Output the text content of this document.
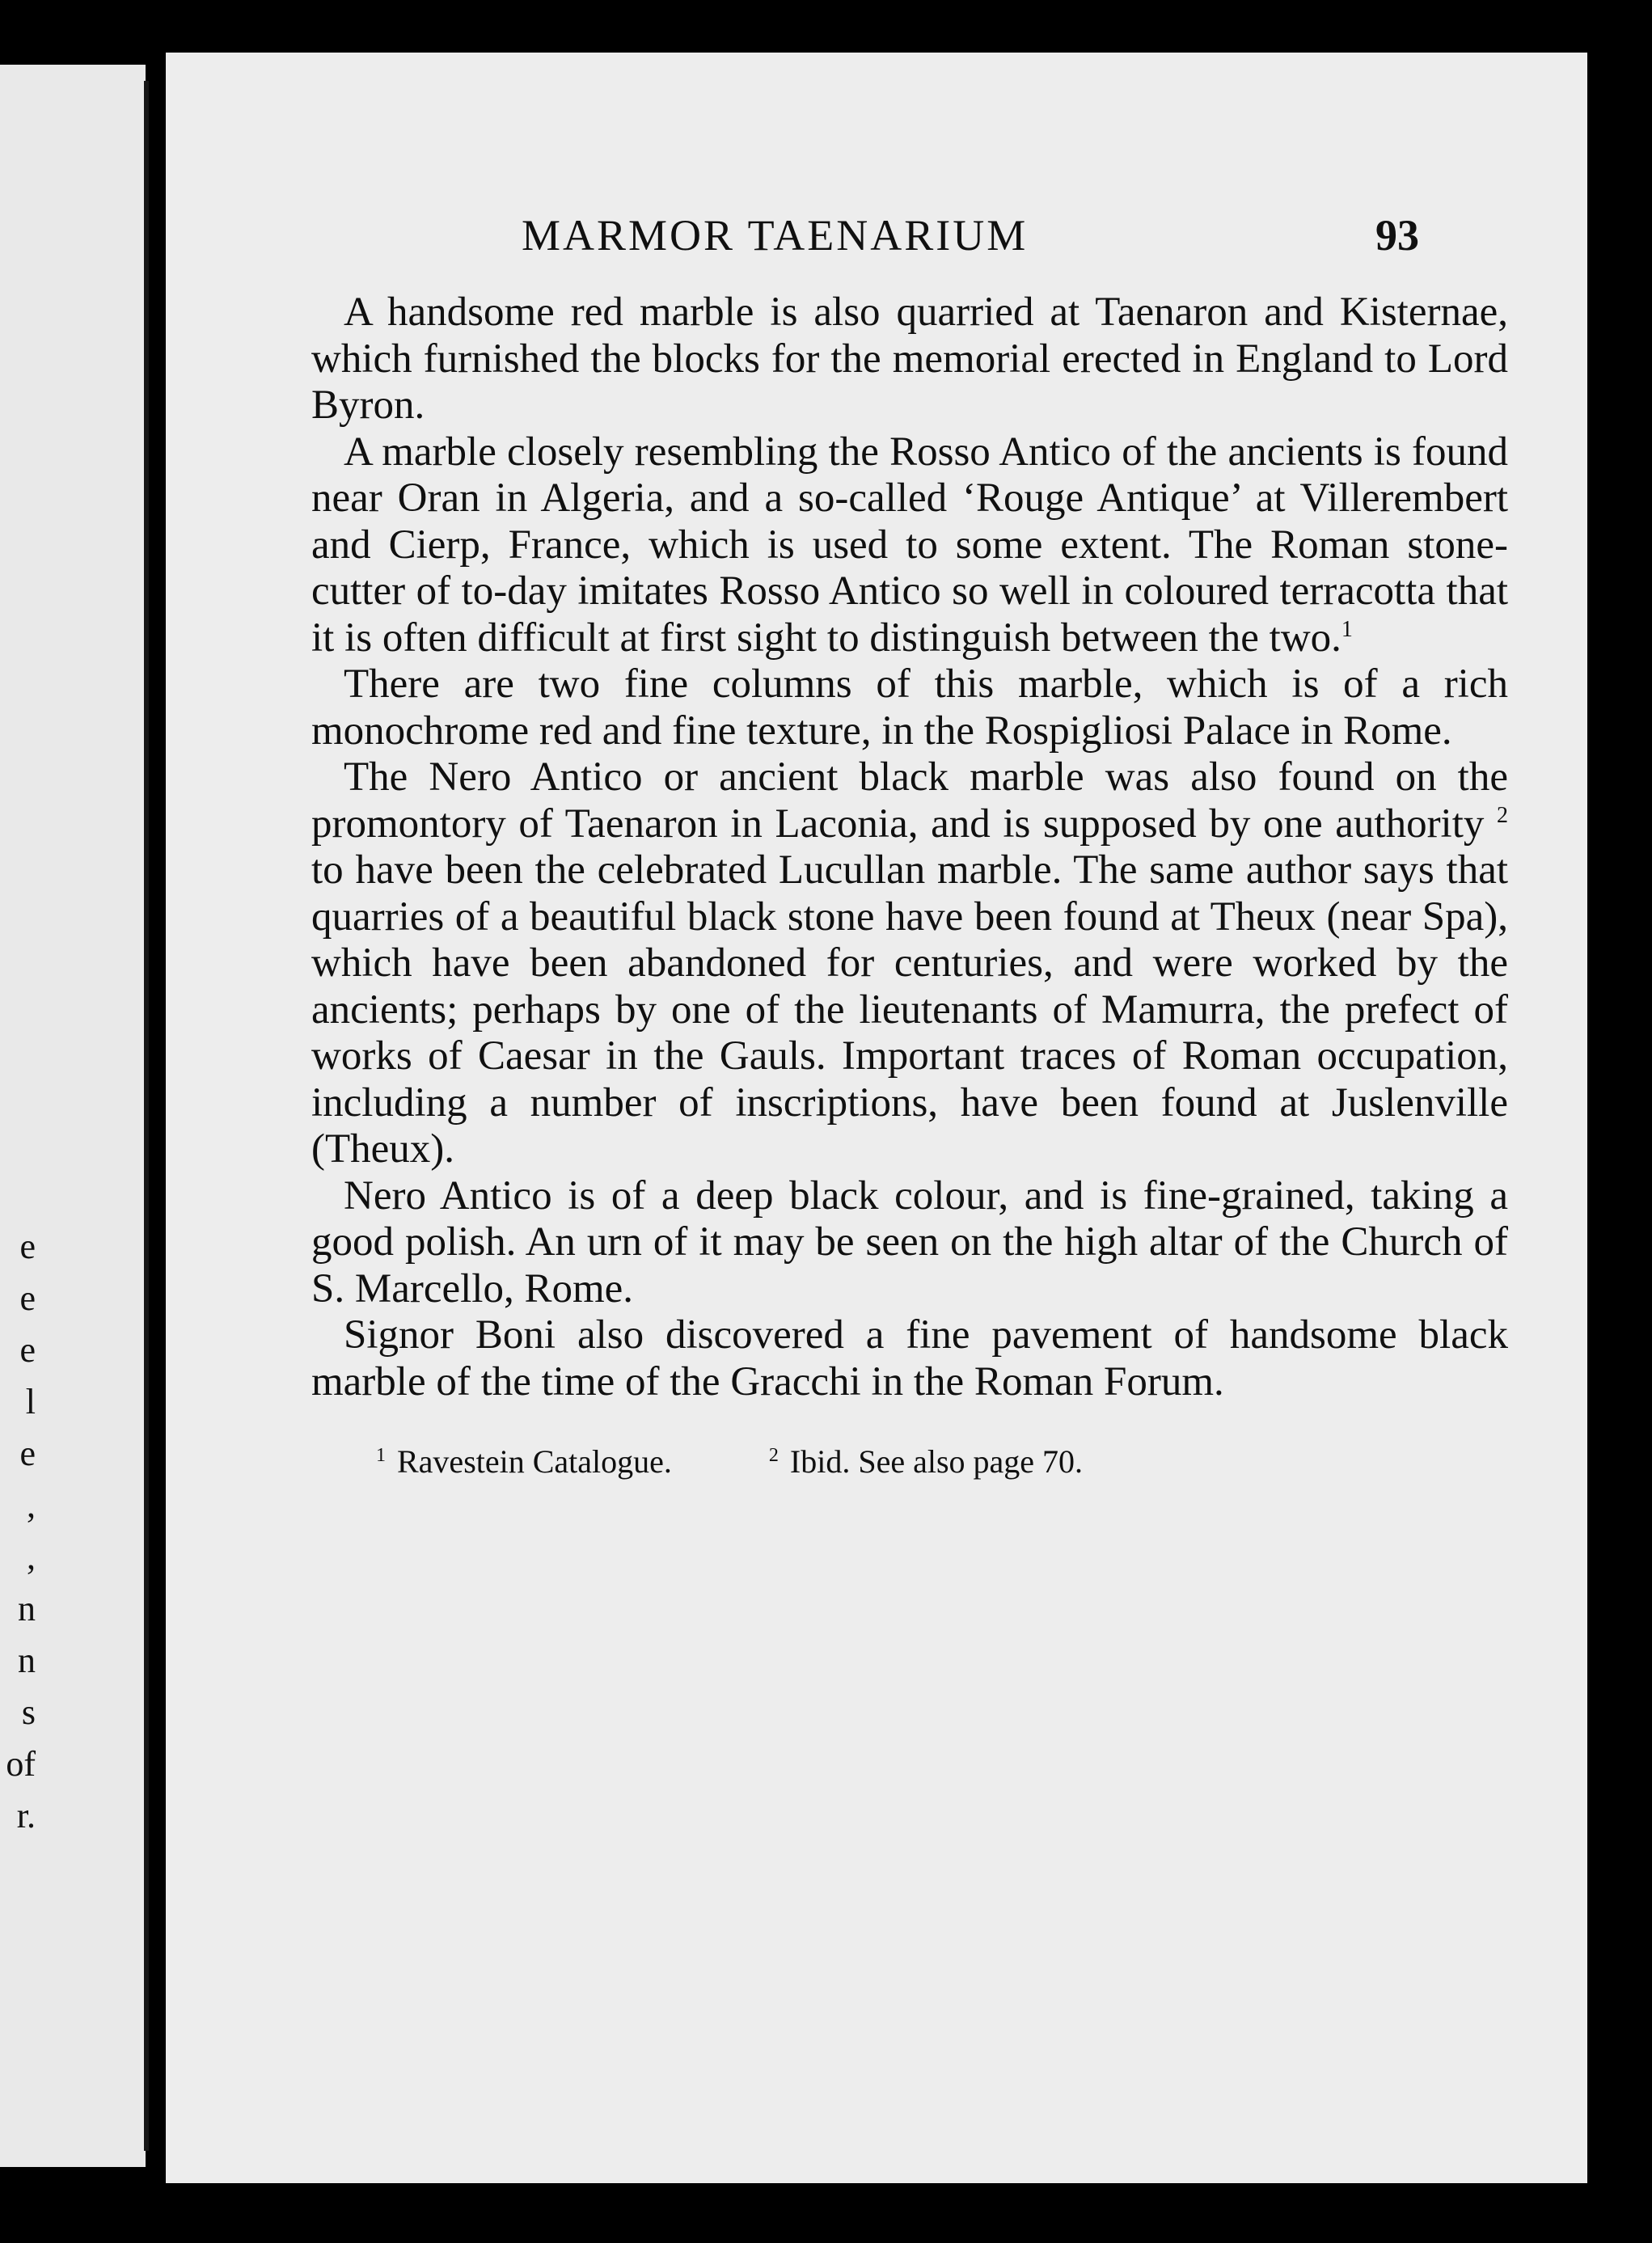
e
e
e
l
e
,
,
n
n
s
of
r.
MARMOR TAENARIUM	93

A handsome red marble is also quarried at Taenaron and Kisternae, which furnished the blocks for the memorial erected in England to Lord Byron.

A marble closely resembling the Rosso Antico of the ancients is found near Oran in Algeria, and a so-called ‘Rouge Antique’ at Villerembert and Cierp, France, which is used to some extent. The Roman stone-cutter of to-day imitates Rosso Antico so well in coloured terracotta that it is often difficult at first sight to distinguish between the two.$^1$

There are two fine columns of this marble, which is of a rich monochrome red and fine texture, in the Rospigliosi Palace in Rome.

The Nero Antico or ancient black marble was also found on the promontory of Taenaron in Laconia, and is supposed by one authority $^2$ to have been the celebrated Lucullan marble. The same author says that quarries of a beautiful black stone have been found at Theux (near Spa), which have been abandoned for centuries, and were worked by the ancients; perhaps by one of the lieutenants of Mamurra, the prefect of works of Caesar in the Gauls. Important traces of Roman occupation, including a number of inscriptions, have been found at Juslenville (Theux).

Nero Antico is of a deep black colour, and is fine-grained, taking a good polish. An urn of it may be seen on the high altar of the Church of S. Marcello, Rome.

Signor Boni also discovered a fine pavement of handsome black marble of the time of the Gracchi in the Roman Forum.

$^1$ Ravestein Catalogue.	$^2$ Ibid. See also page 70.
